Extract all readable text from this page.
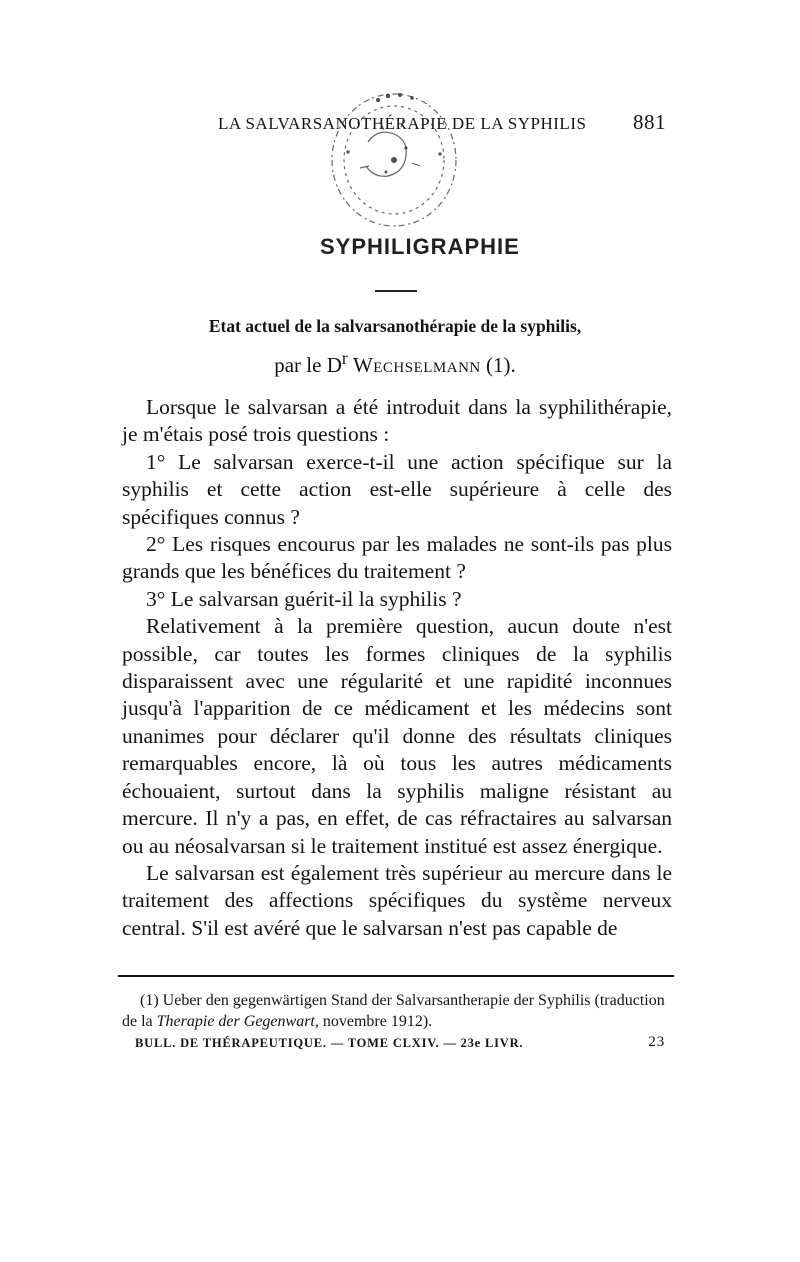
LA SALVARSANOTHÉRAPIE DE LA SYPHILIS 881
SYPHILIGRAPHIE
Etat actuel de la salvarsanothérapie de la syphilis,
par le $D^r$ Wechselmann (1).

Lorsque le salvarsan a été introduit dans la syphilithérapie, je m'étais posé trois questions :

1° Le salvarsan exerce-t-il une action spécifique sur la syphilis et cette action est-elle supérieure à celle des spécifiques connus ?

2° Les risques encourus par les malades ne sont-ils pas plus grands que les bénéfices du traitement ?

3° Le salvarsan guérit-il la syphilis ?

Relativement à la première question, aucun doute n'est possible, car toutes les formes cliniques de la syphilis disparaissent avec une régularité et une rapidité inconnues jusqu'à l'apparition de ce médicament et les médecins sont unanimes pour déclarer qu'il donne des résultats cliniques remarquables encore, là où tous les autres médicaments échouaient, surtout dans la syphilis maligne résistant au mercure. Il n'y a pas, en effet, de cas réfractaires au salvarsan ou au néosalvarsan si le traitement institué est assez énergique.

Le salvarsan est également très supérieur au mercure dans le traitement des affections spécifiques du système nerveux central. S'il est avéré que le salvarsan n'est pas capable de

(1) Ueber den gegenwärtigen Stand der Salvarsantherapie der Syphilis (traduction de la Therapie der Gegenwart, novembre 1912).

BULL. DE THÉRAPEUTIQUE. — TOME CLXIV. — 23e LIVR.	23
